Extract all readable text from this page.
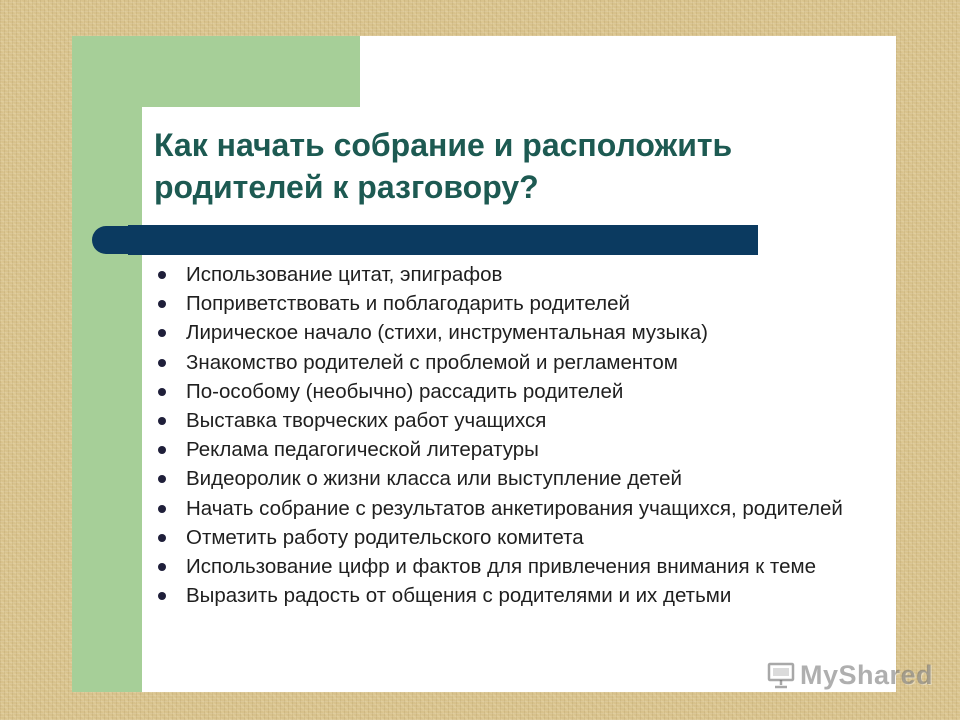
Как начать собрание и расположить
родителей к разговору?
Использование цитат, эпиграфов
Поприветствовать и поблагодарить родителей
Лирическое начало (стихи, инструментальная музыка)
Знакомство родителей с проблемой и регламентом
По-особому (необычно) рассадить родителей
Выставка творческих работ учащихся
Реклама педагогической литературы
Видеоролик о жизни класса или выступление детей
Начать собрание с результатов анкетирования учащихся, родителей
Отметить работу родительского комитета
Использование цифр и фактов для привлечения внимания к теме
Выразить радость от общения с родителями и их детьми
MyShared
